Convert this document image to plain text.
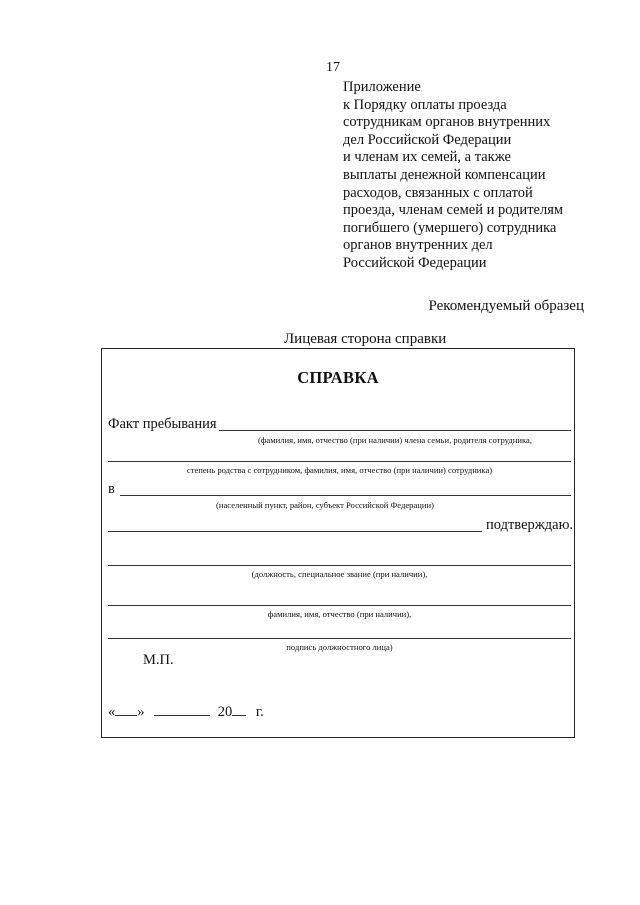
17
Приложение
к Порядку оплаты проезда
сотрудникам органов внутренних
дел Российской Федерации
и членам их семей, а также
выплаты денежной компенсации
расходов, связанных с оплатой
проезда, членам семей и родителям
погибшего (умершего) сотрудника
органов внутренних дел
Российской Федерации
Рекомендуемый образец
Лицевая сторона справки
СПРАВКА
Факт пребывания
(фамилия, имя, отчество (при наличии) члена семьи, родителя сотрудника,
степень родства с сотрудником, фамилия, имя, отчество (при наличии) сотрудника)
в
(населенный пункт, район, субъект Российской Федерации)
подтверждаю.
(должность, специальное звание (при наличии),
фамилия, имя, отчество (при наличии),
подпись должностного лица)
М.П.
« »	20 г.
